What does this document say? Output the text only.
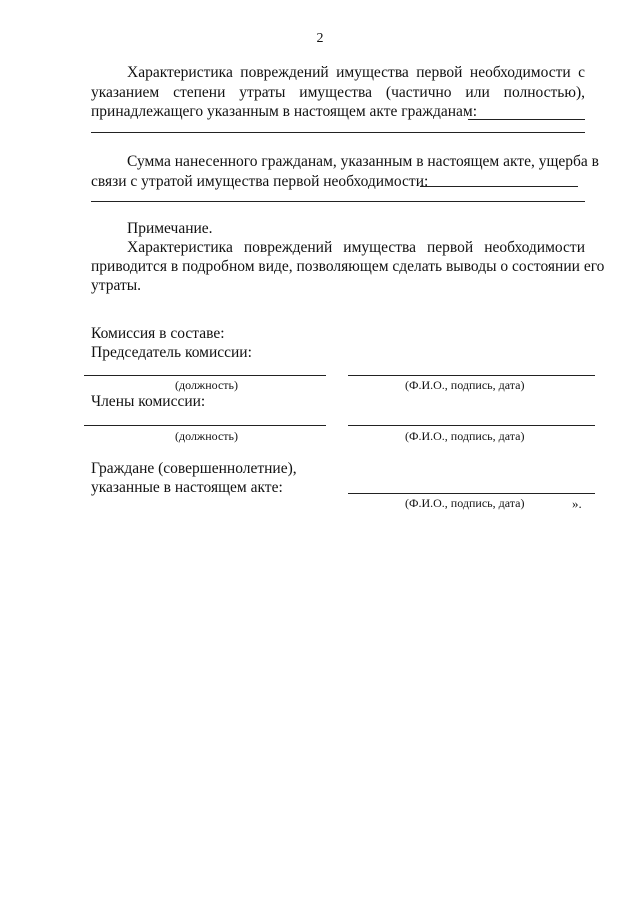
2
Характеристика повреждений имущества первой необходимости с
указанием степени утраты имущества (частично или полностью),
принадлежащего указанным в настоящем акте гражданам:
Сумма нанесенного гражданам, указанным в настоящем акте, ущерба в
связи с утратой имущества первой необходимости:
Примечание.
Характеристика повреждений имущества первой необходимости
приводится в подробном виде, позволяющем сделать выводы о состоянии его
утраты.
Комиссия в составе:
Председатель комиссии:
(должность)	(Ф.И.О., подпись, дата)
Члены комиссии:
(должность)	(Ф.И.О., подпись, дата)
Граждане (совершеннолетние),
указанные в настоящем акте:
(Ф.И.О., подпись, дата)	».
